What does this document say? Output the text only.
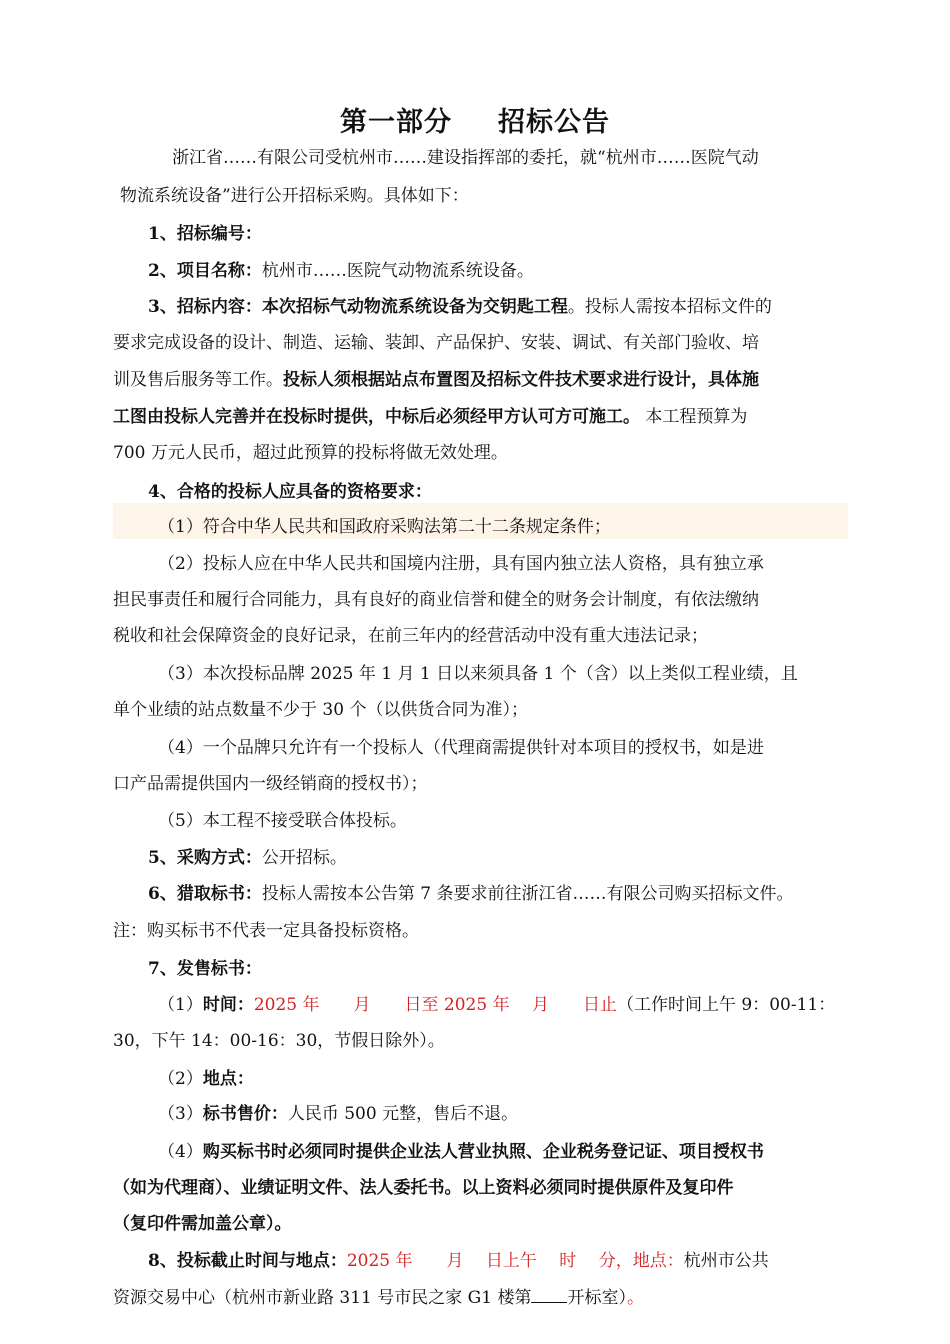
第一部分 招标公告
浙江省……有限公司受杭州市……建设指挥部的委托，就“杭州市……医院气动
物流系统设备”进行公开招标采购。具体如下：
1、招标编号：
2、项目名称：杭州市……医院气动物流系统设备。
3、招标内容：本次招标气动物流系统设备为交钥匙工程。投标人需按本招标文件的
要求完成设备的设计、制造、运输、装卸、产品保护、安装、调试、有关部门验收、培
训及售后服务等工作。投标人须根据站点布置图及招标文件技术要求进行设计，具体施
工图由投标人完善并在投标时提供，中标后必须经甲方认可方可施工。 本工程预算为
700 万元人民币，超过此预算的投标将做无效处理。
4、合格的投标人应具备的资格要求：
（1）符合中华人民共和国政府采购法第二十二条规定条件；
（2）投标人应在中华人民共和国境内注册，具有国内独立法人资格，具有独立承
担民事责任和履行合同能力，具有良好的商业信誉和健全的财务会计制度，有依法缴纳
税收和社会保障资金的良好记录，在前三年内的经营活动中没有重大违法记录；
（3）本次投标品牌 2025 年 1 月 1 日以来须具备 1 个（含）以上类似工程业绩，且
单个业绩的站点数量不少于 30 个（以供货合同为准）；
（4）一个品牌只允许有一个投标人（代理商需提供针对本项目的授权书，如是进
口产品需提供国内一级经销商的授权书）；
（5）本工程不接受联合体投标。
5、采购方式：公开招标。
6、猎取标书：投标人需按本公告第 7 条要求前往浙江省……有限公司购买招标文件。
注：购买标书不代表一定具备投标资格。
7、发售标书：
（1）时间：2025 年　　月　　日至 2025 年　 月　　日止（工作时间上午 9：00-11：
30，下午 14：00-16：30，节假日除外）。
（2）地点：
（3）标书售价：人民币 500 元整，售后不退。
（4）购买标书时必须同时提供企业法人营业执照、企业税务登记证、项目授权书
（如为代理商）、业绩证明文件、法人委托书。以上资料必须同时提供原件及复印件
（复印件需加盖公章）。
8、投标截止时间与地点：2025 年　　月　 日上午　 时　 分，地点：杭州市公共
资源交易中心（杭州市新业路 311 号市民之家 G1 楼第 开标室）。
